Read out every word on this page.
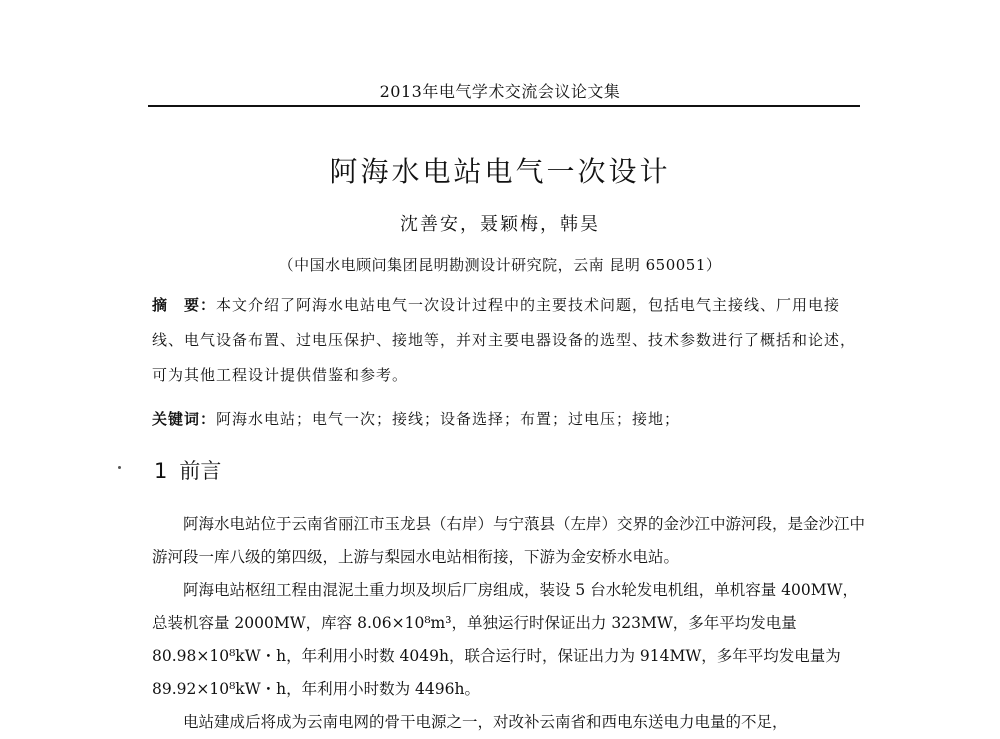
2013年电气学术交流会议论文集
阿海水电站电气一次设计
沈善安，聂颖梅，韩昊
（中国水电顾问集团昆明勘测设计研究院，云南 昆明 650051）
摘　要：本文介绍了阿海水电站电气一次设计过程中的主要技术问题，包括电气主接线、厂用电接线、电气设备布置、过电压保护、接地等，并对主要电器设备的选型、技术参数进行了概括和论述，可为其他工程设计提供借鉴和参考。
关键词：阿海水电站；电气一次；接线；设备选择；布置；过电压；接地；
1 前言

阿海水电站位于云南省丽江市玉龙县（右岸）与宁蒗县（左岸）交界的金沙江中游河段，是金沙江中游河段一库八级的第四级，上游与梨园水电站相衔接，下游为金安桥水电站。

阿海电站枢纽工程由混泥土重力坝及坝后厂房组成，装设 5 台水轮发电机组，单机容量 400MW，总装机容量 2000MW，库容 8.06×10⁸m³，单独运行时保证出力 323MW，多年平均发电量 80.98×10⁸kW・h，年利用小时数 4049h，联合运行时，保证出力为 914MW，多年平均发电量为 89.92×10⁸kW・h，年利用小时数为 4496h。

电站建成后将成为云南电网的骨干电源之一，对改补云南省和西电东送电力电量的不足，
